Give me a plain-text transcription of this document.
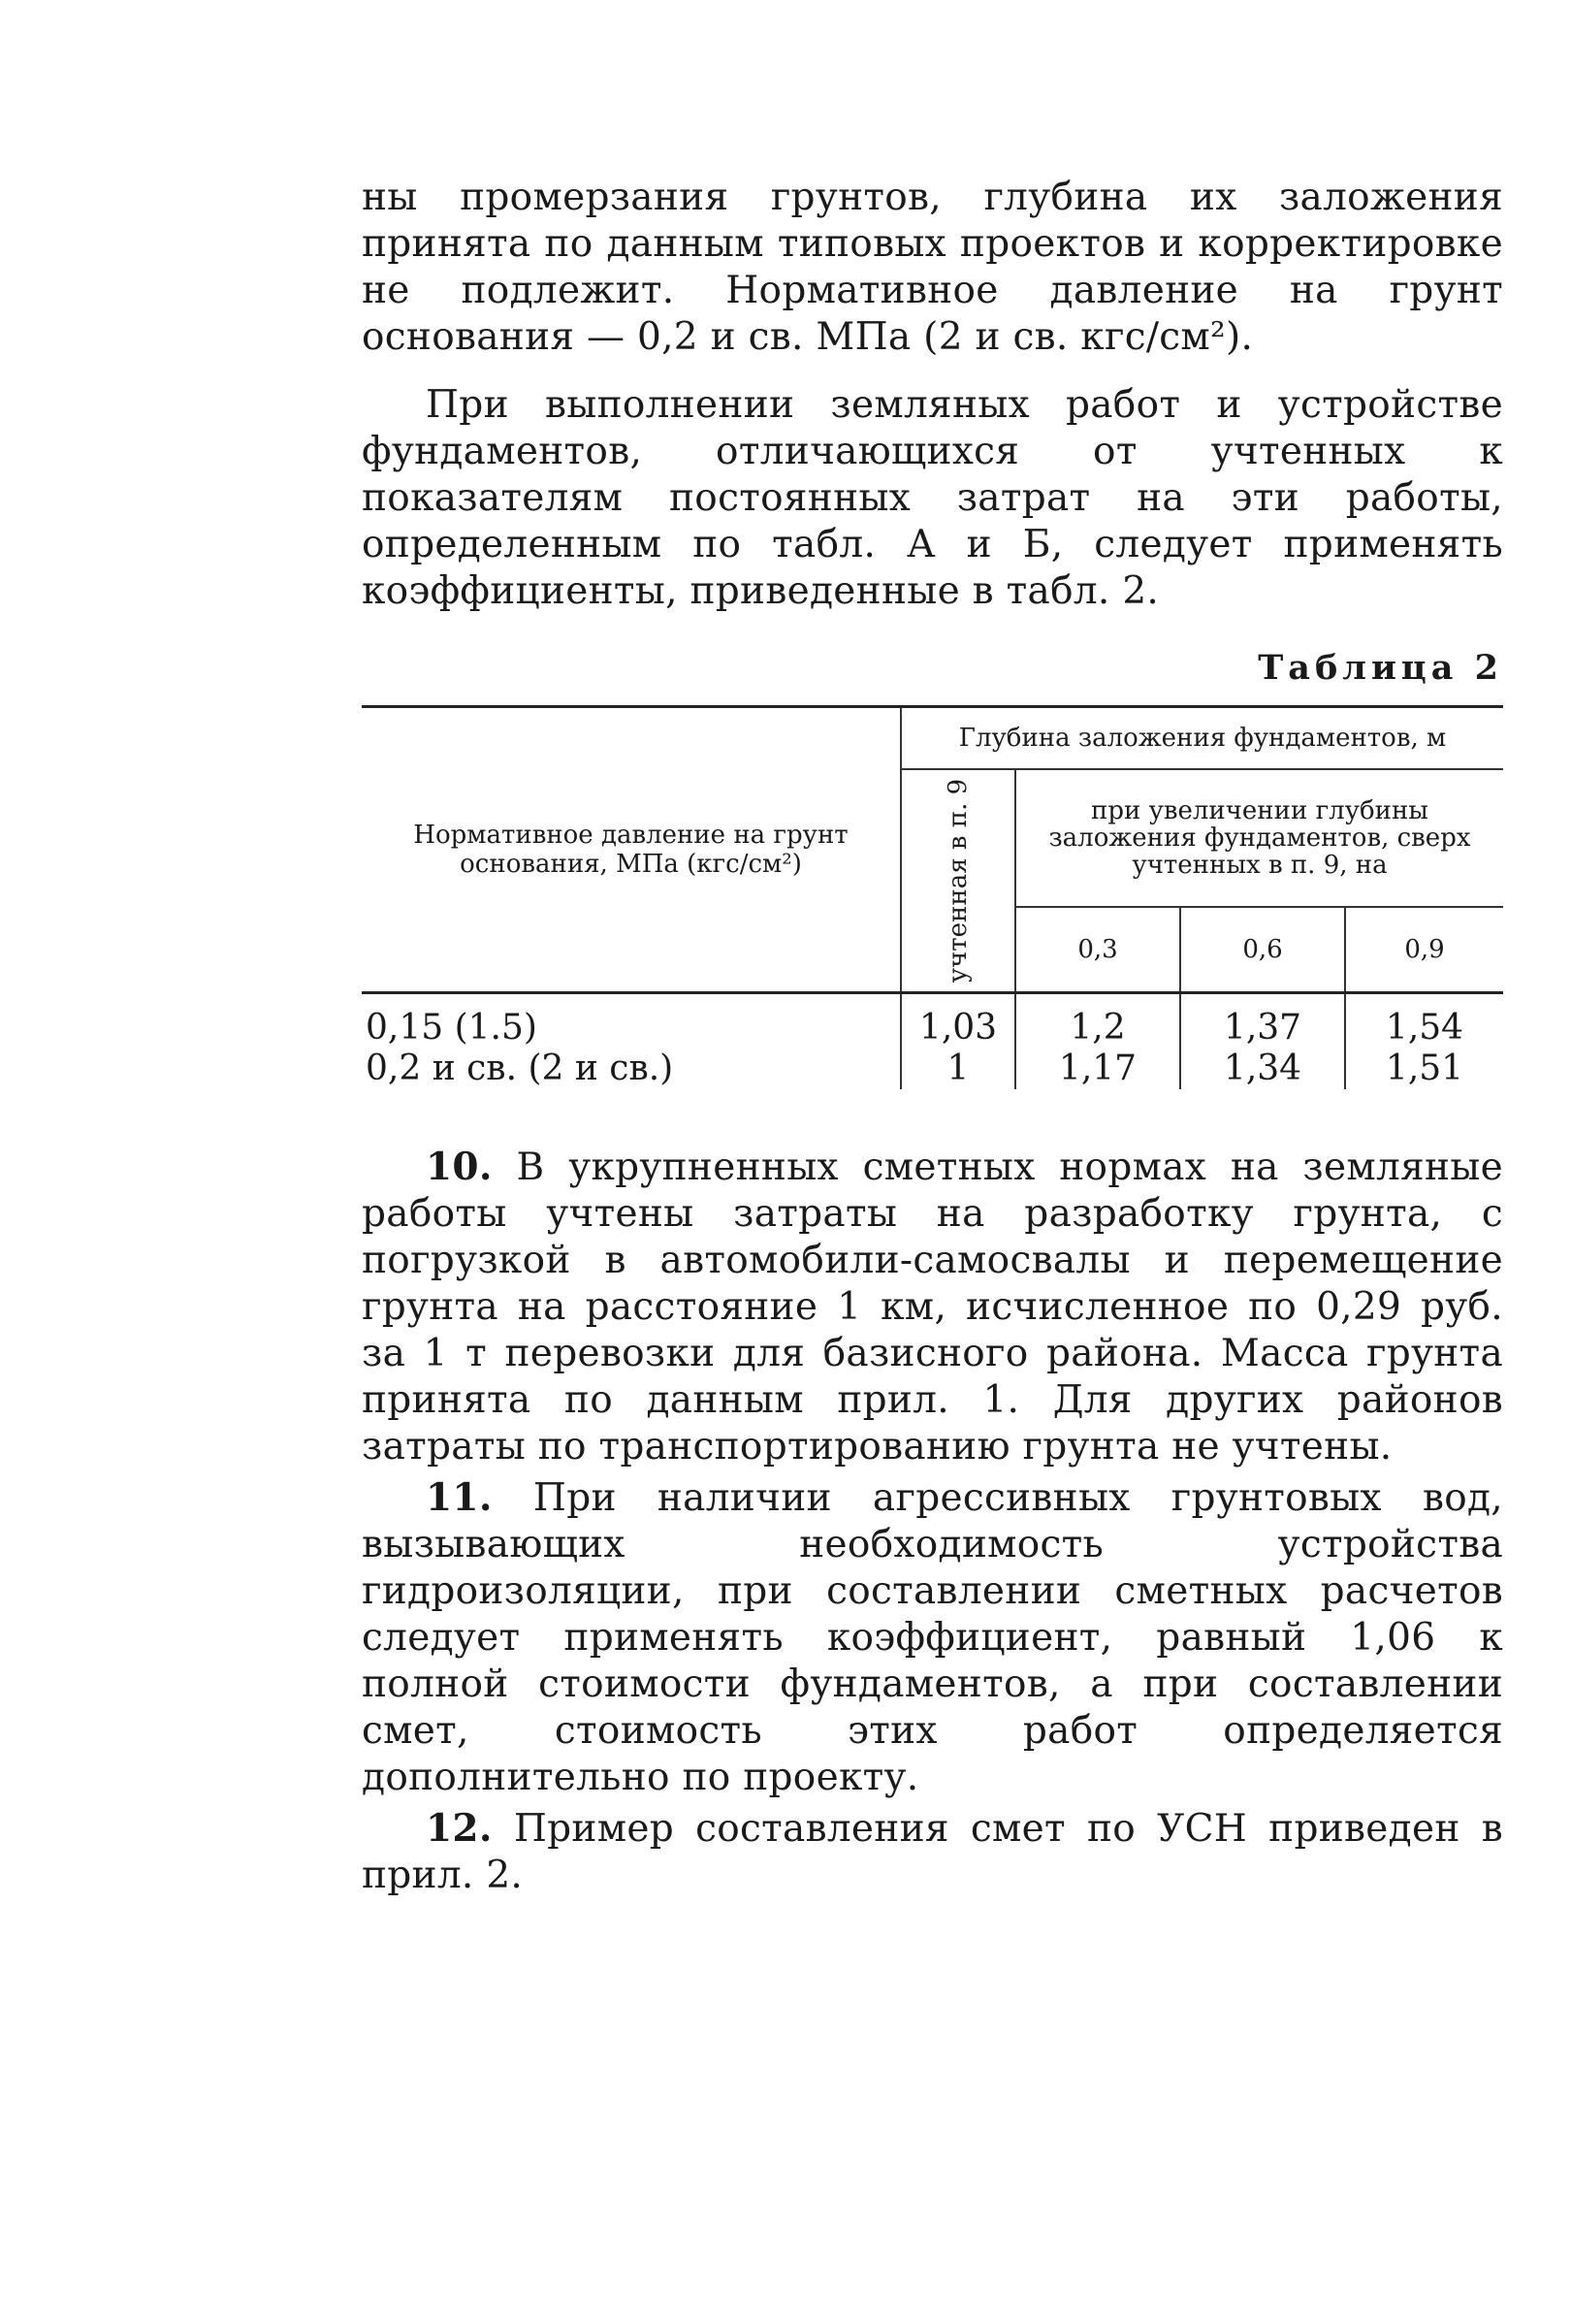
ны промерзания грунтов, глубина их заложения принята по данным типовых проектов и корректировке не подлежит. Нормативное давление на грунт основания — 0,2 и св. МПа (2 и св. кгс/см²).

При выполнении земляных работ и устройстве фундаментов, отличающихся от учтенных к показателям постоянных затрат на эти работы, определенным по табл. А и Б, следует применять коэффициенты, приведенные в табл. 2.

Таблица 2
Нормативное давление на грунт основания, МПа (кгс/см²)	Глубина заложения фундаментов, м			

	учтенная в п. 9	при увеличении глубины заложения фундаментов, сверх учтенных в п. 9, на		
		0,3	0,6	0,9
0,15 (1.5)	1,03	1,2	1,37	1,54
0,2 и св. (2 и св.)	1	1,17	1,34	1,51

10. В укрупненных сметных нормах на земляные работы учтены затраты на разработку грунта, с погрузкой в автомобили-самосвалы и перемещение грунта на расстояние 1 км, исчисленное по 0,29 руб. за 1 т перевозки для базисного района. Масса грунта принята по данным прил. 1. Для других районов затраты по транспортированию грунта не учтены.

11. При наличии агрессивных грунтовых вод, вызывающих необходимость устройства гидроизоляции, при составлении сметных расчетов следует применять коэффициент, равный 1,06 к полной стоимости фундаментов, а при составлении смет, стоимость этих работ определяется дополнительно по проекту.

12. Пример составления смет по УСН приведен в прил. 2.
